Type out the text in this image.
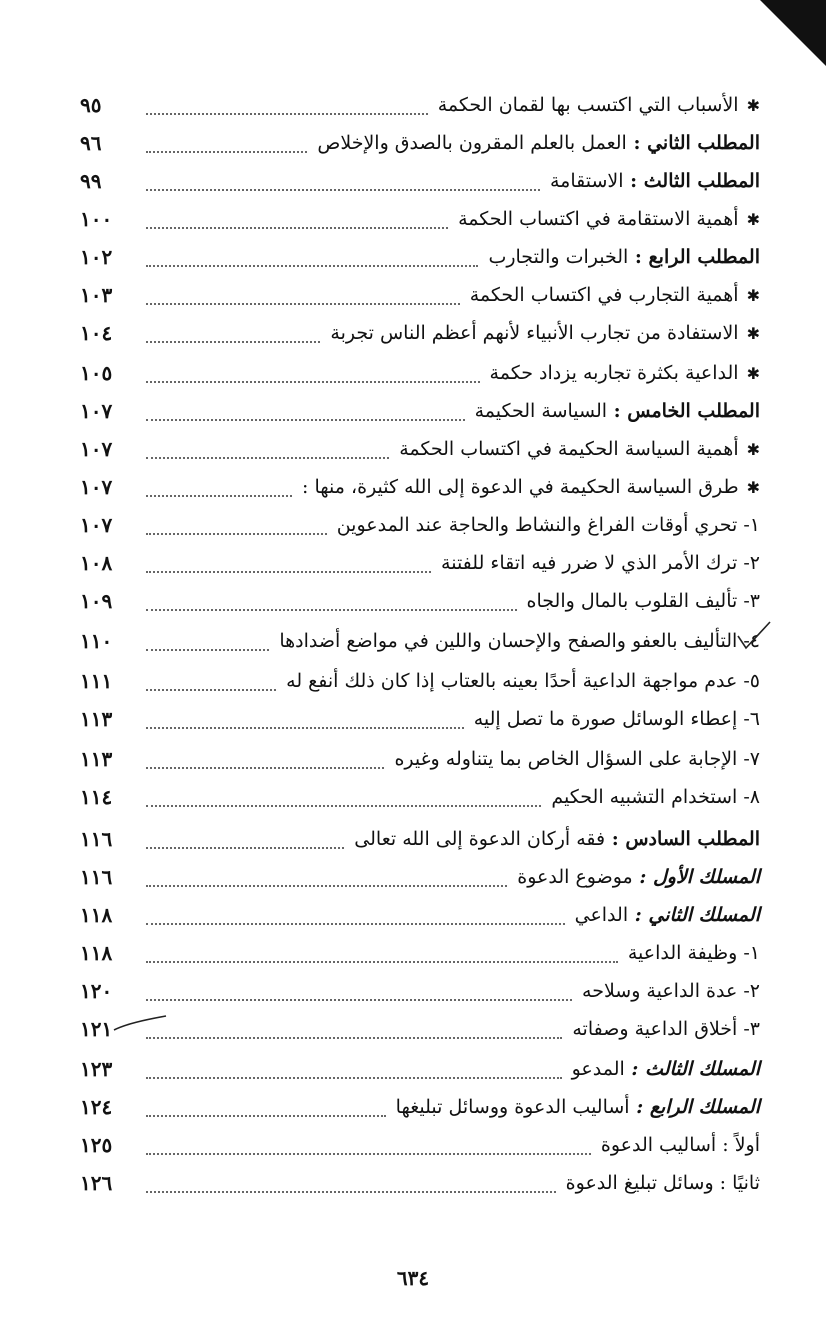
✱الأسباب التي اكتسب بها لقمان الحكمة
٩٥
المطلب الثاني : العمل بالعلم المقرون بالصدق والإخلاص
٩٦
المطلب الثالث : الاستقامة
٩٩
✱أهمية الاستقامة في اكتساب الحكمة
١٠٠
المطلب الرابع : الخبرات والتجارب
١٠٢
✱أهمية التجارب في اكتساب الحكمة
١٠٣
✱الاستفادة من تجارب الأنبياء لأنهم أعظم الناس تجربة
١٠٤
✱الداعية بكثرة تجاربه يزداد حكمة
١٠٥
المطلب الخامس : السياسة الحكيمة
١٠٧
✱أهمية السياسة الحكيمة في اكتساب الحكمة
١٠٧
✱طرق السياسة الحكيمة في الدعوة إلى الله كثيرة، منها :
١٠٧
١- تحري أوقات الفراغ والنشاط والحاجة عند المدعوين
١٠٧
٢- ترك الأمر الذي لا ضرر فيه اتقاء للفتنة
١٠٨
٣- تأليف القلوب بالمال والجاه
١٠٩
٤- التأليف بالعفو والصفح والإحسان واللين في مواضع أضدادها
١١٠
٥- عدم مواجهة الداعية أحدًا بعينه بالعتاب إذا كان ذلك أنفع له
١١١
٦- إعطاء الوسائل صورة ما تصل إليه
١١٣
٧- الإجابة على السؤال الخاص بما يتناوله وغيره
١١٣
٨- استخدام التشبيه الحكيم
١١٤
المطلب السادس : فقه أركان الدعوة إلى الله تعالى
١١٦
المسلك الأول : موضوع الدعوة
١١٦
المسلك الثاني : الداعي
١١٨
١- وظيفة الداعية
١١٨
٢- عدة الداعية وسلاحه
١٢٠
٣- أخلاق الداعية وصفاته
١٢١
المسلك الثالث : المدعو
١٢٣
المسلك الرابع : أساليب الدعوة ووسائل تبليغها
١٢٤
أولاً : أساليب الدعوة
١٢٥
ثانيًا : وسائل تبليغ الدعوة
١٢٦
٦٣٤
